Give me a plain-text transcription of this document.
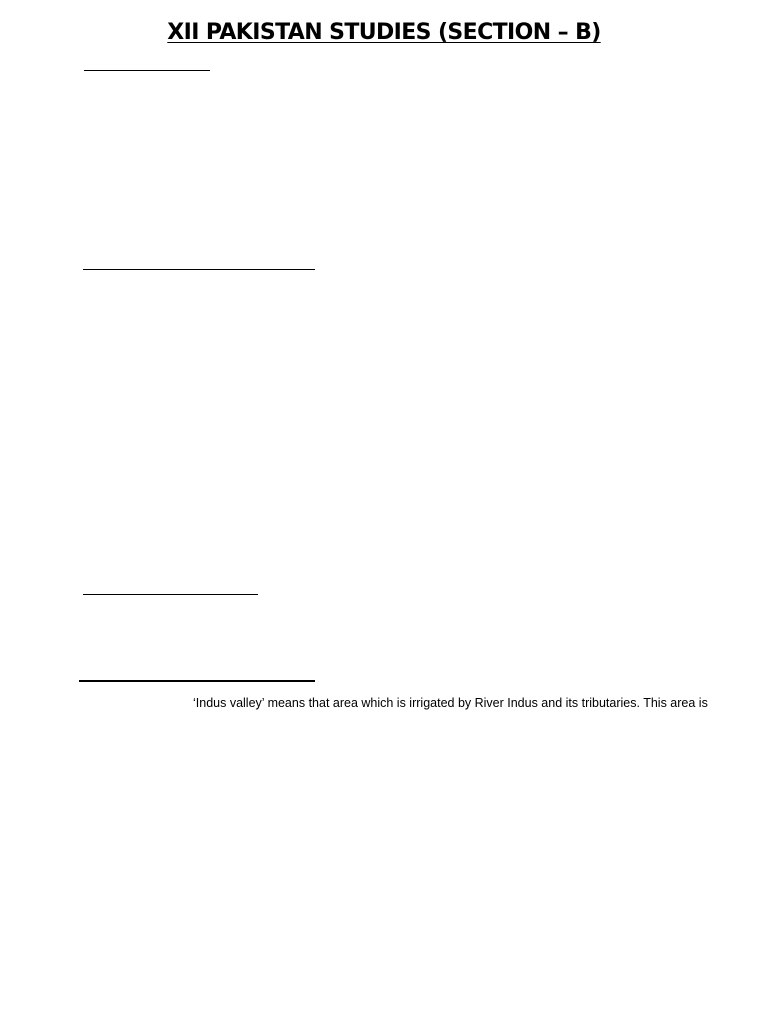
XII PAKISTAN STUDIES (SECTION – B)
‘Indus valley’ means that area which is irrigated by River Indus and its tributaries. This area is
